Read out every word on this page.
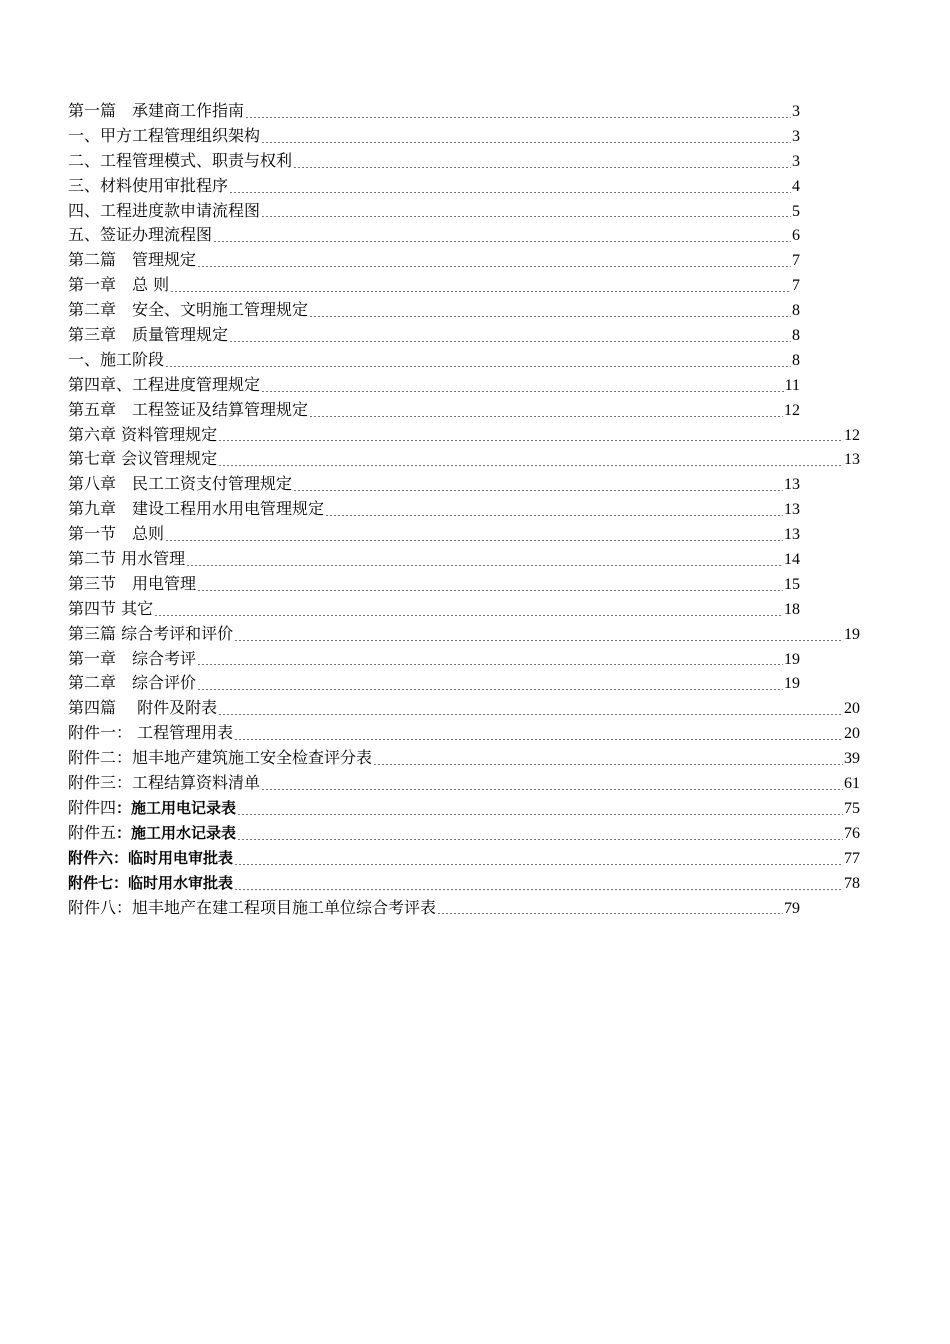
第一篇　承建商工作指南	3
一、甲方工程管理组织架构	3
二、工程管理模式、职责与权利	3
三、材料使用审批程序	4
四、工程进度款申请流程图	5
五、签证办理流程图	6
第二篇　管理规定	7
第一章　总 则	7
第二章　安全、文明施工管理规定	8
第三章　质量管理规定	8
一、施工阶段	8
第四章、工程进度管理规定	11
第五章　工程签证及结算管理规定	12
第六章 资料管理规定	12
第七章 会议管理规定	13
第八章　民工工资支付管理规定	13
第九章　建设工程用水用电管理规定	13
第一节　总则	13
第二节 用水管理	14
第三节　用电管理	15
第四节 其它	18
第三篇 综合考评和评价	19
第一章　综合考评	19
第二章　综合评价	19
第四篇　 附件及附表	20
附件一： 工程管理用表	20
附件二：旭丰地产建筑施工安全检查评分表	39
附件三：工程结算资料清单	61
附件四：施工用电记录表	75
附件五：施工用水记录表	76
附件六：临时用电审批表	77
附件七：临时用水审批表	78
附件八：旭丰地产在建工程项目施工单位综合考评表	79
